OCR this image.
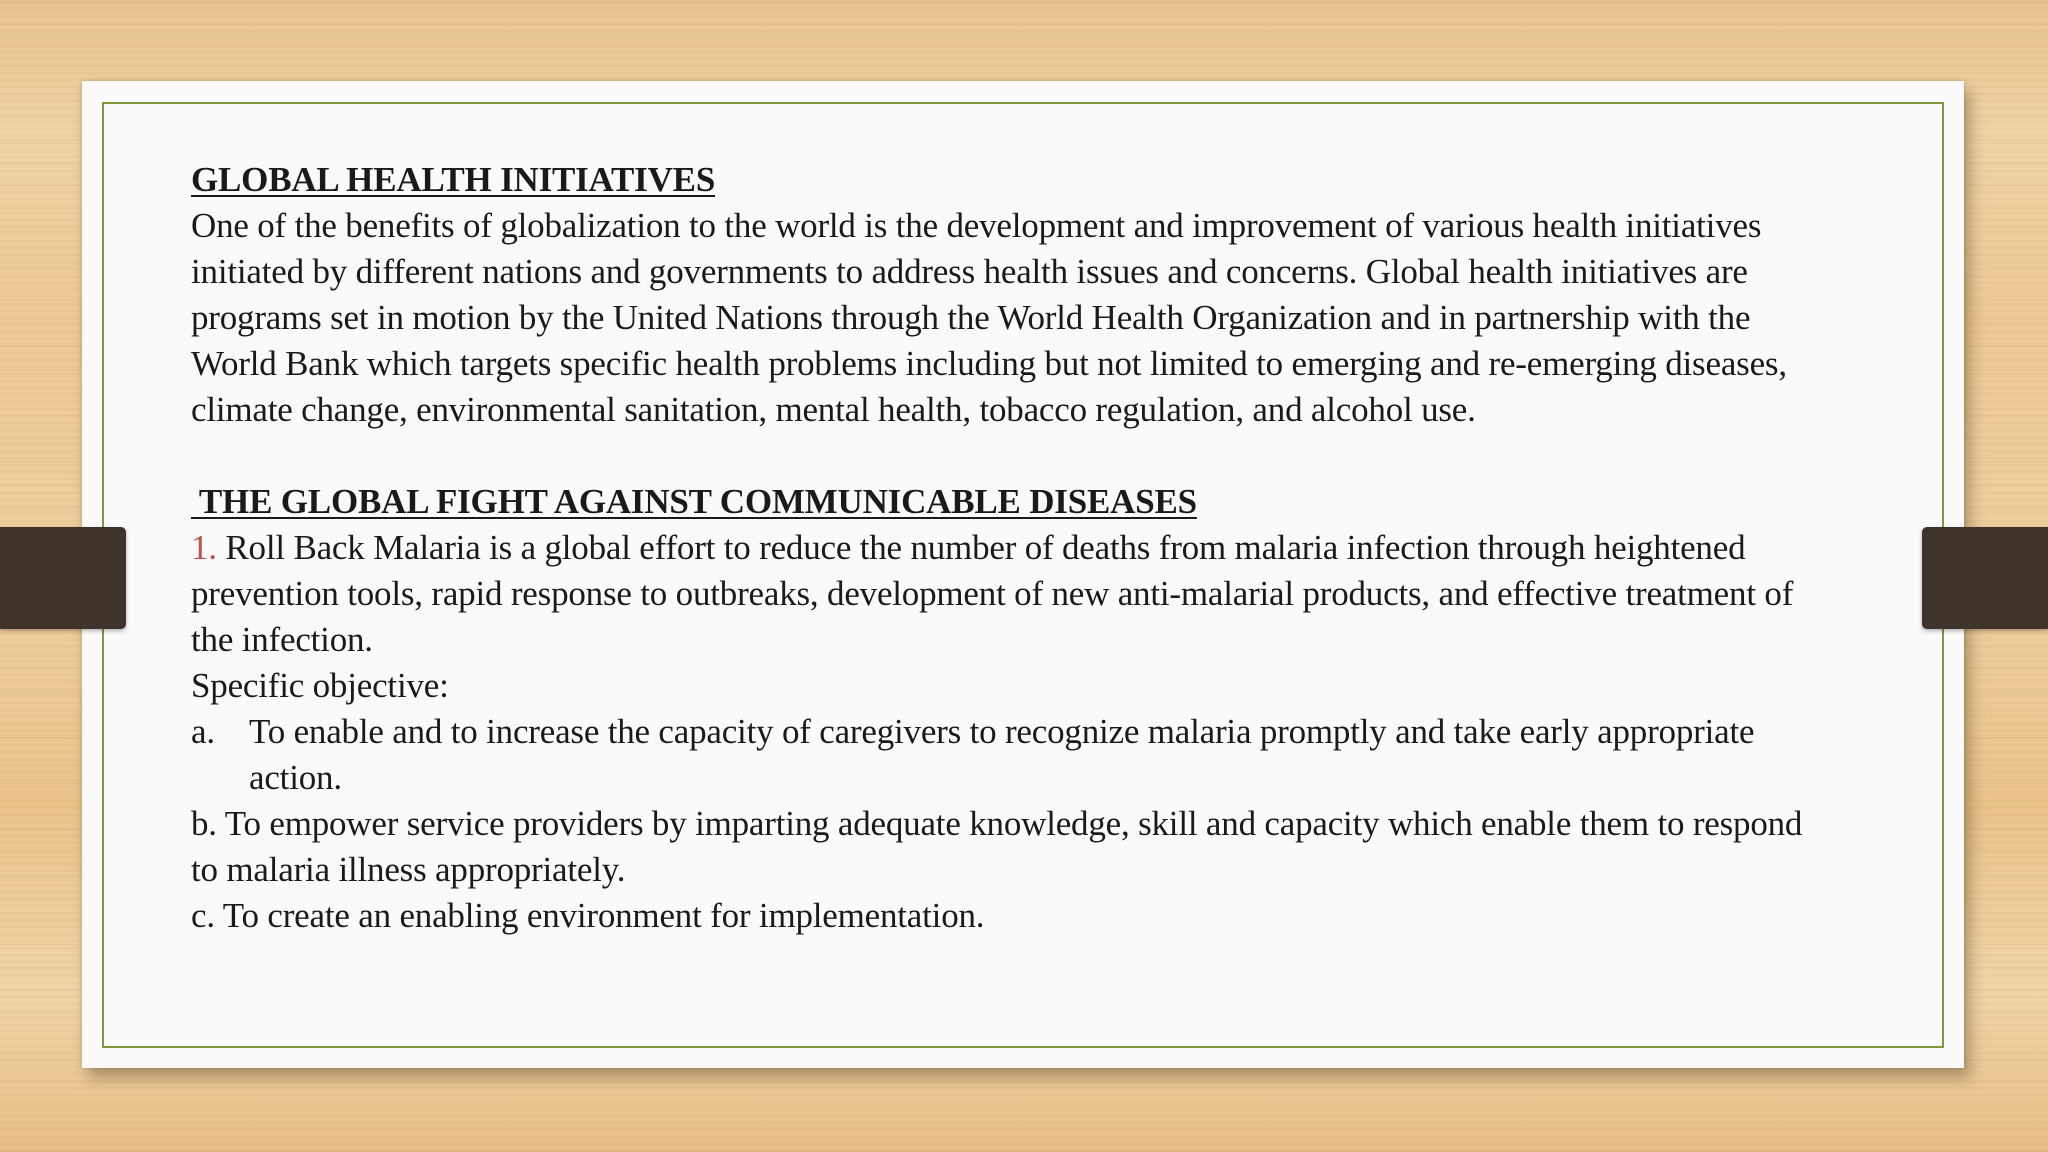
GLOBAL HEALTH INITIATIVES
One of the benefits of globalization to the world is the development and improvement of various health initiatives
initiated by different nations and governments to address health issues and concerns. Global health initiatives are
programs set in motion by the United Nations through the World Health Organization and in partnership with the
World Bank which targets specific health problems including but not limited to emerging and re-emerging diseases,
climate change, environmental sanitation, mental health, tobacco regulation, and alcohol use.
THE GLOBAL FIGHT AGAINST COMMUNICABLE DISEASES
1. Roll Back Malaria is a global effort to reduce the number of deaths from malaria infection through heightened
prevention tools, rapid response to outbreaks, development of new anti-malarial products, and effective treatment of
the infection.
Specific objective:
a. To enable and to increase the capacity of caregivers to recognize malaria promptly and take early appropriate
action.
b. To empower service providers by imparting adequate knowledge, skill and capacity which enable them to respond
to malaria illness appropriately.
c. To create an enabling environment for implementation.
